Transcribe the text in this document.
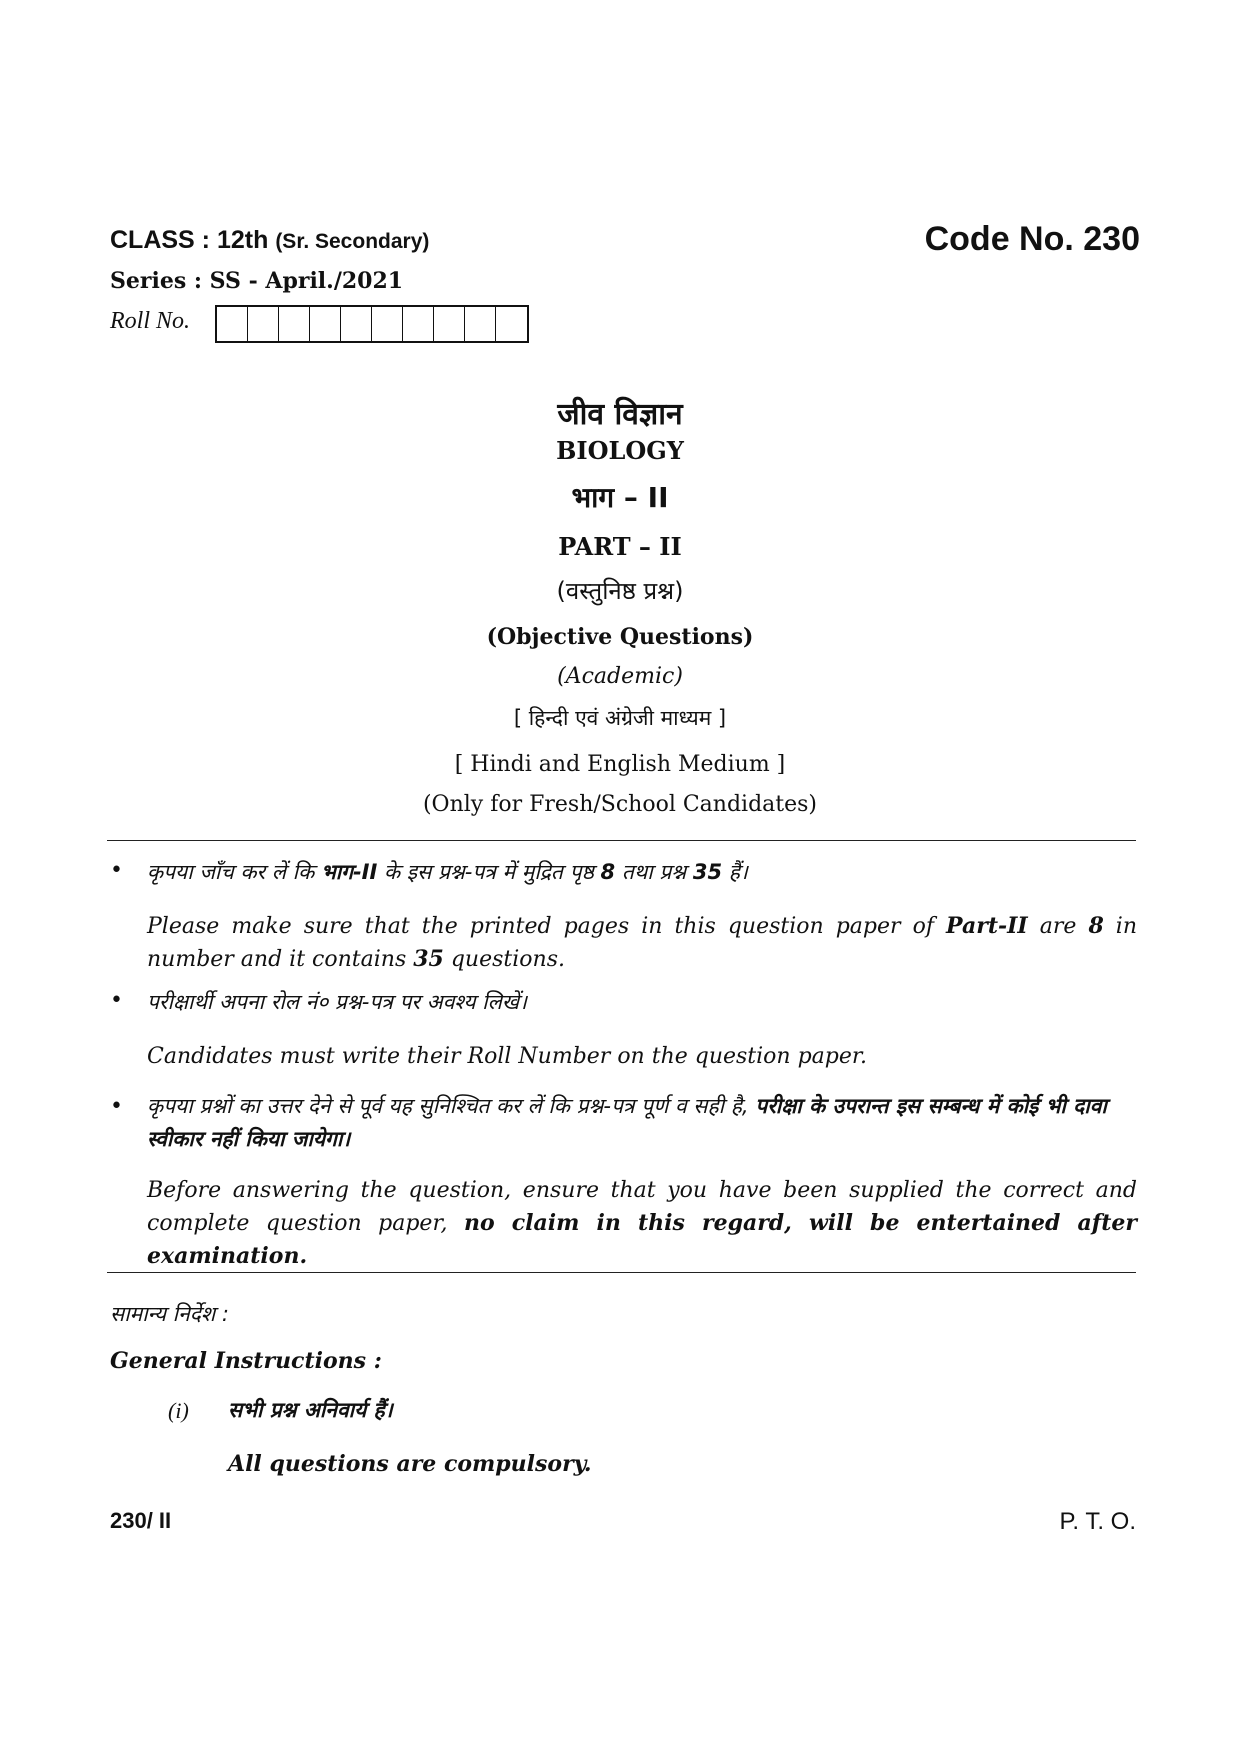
CLASS : 12th (Sr. Secondary)	Code No. 230
Series : SS - April./2021
Roll No.
जीव विज्ञान
BIOLOGY
भाग – II
PART – II
(वस्तुनिष्ठ प्रश्न)
(Objective Questions)
(Academic)
[ हिन्दी एवं अंग्रेजी माध्यम ]
[ Hindi and English Medium ]
(Only for Fresh/School Candidates)
• कृपया जाँच कर लें कि भाग-II के इस प्रश्न-पत्र में मुद्रित पृष्ठ 8 तथा प्रश्न 35 हैं।
Please make sure that the printed pages in this question paper of Part-II are 8 in number and it contains 35 questions.
• परीक्षार्थी अपना रोल नं० प्रश्न-पत्र पर अवश्य लिखें।
Candidates must write their Roll Number on the question paper.
• कृपया प्रश्नों का उत्तर देने से पूर्व यह सुनिश्चित कर लें कि प्रश्न-पत्र पूर्ण व सही है, परीक्षा के उपरान्त इस सम्बन्ध में कोई भी दावा स्वीकार नहीं किया जायेगा।
Before answering the question, ensure that you have been supplied the correct and complete question paper, no claim in this regard, will be entertained after examination.
सामान्य निर्देश :
General Instructions :
(i) सभी प्रश्न अनिवार्य हैं।
All questions are compulsory.
230/ II	P. T. O.
